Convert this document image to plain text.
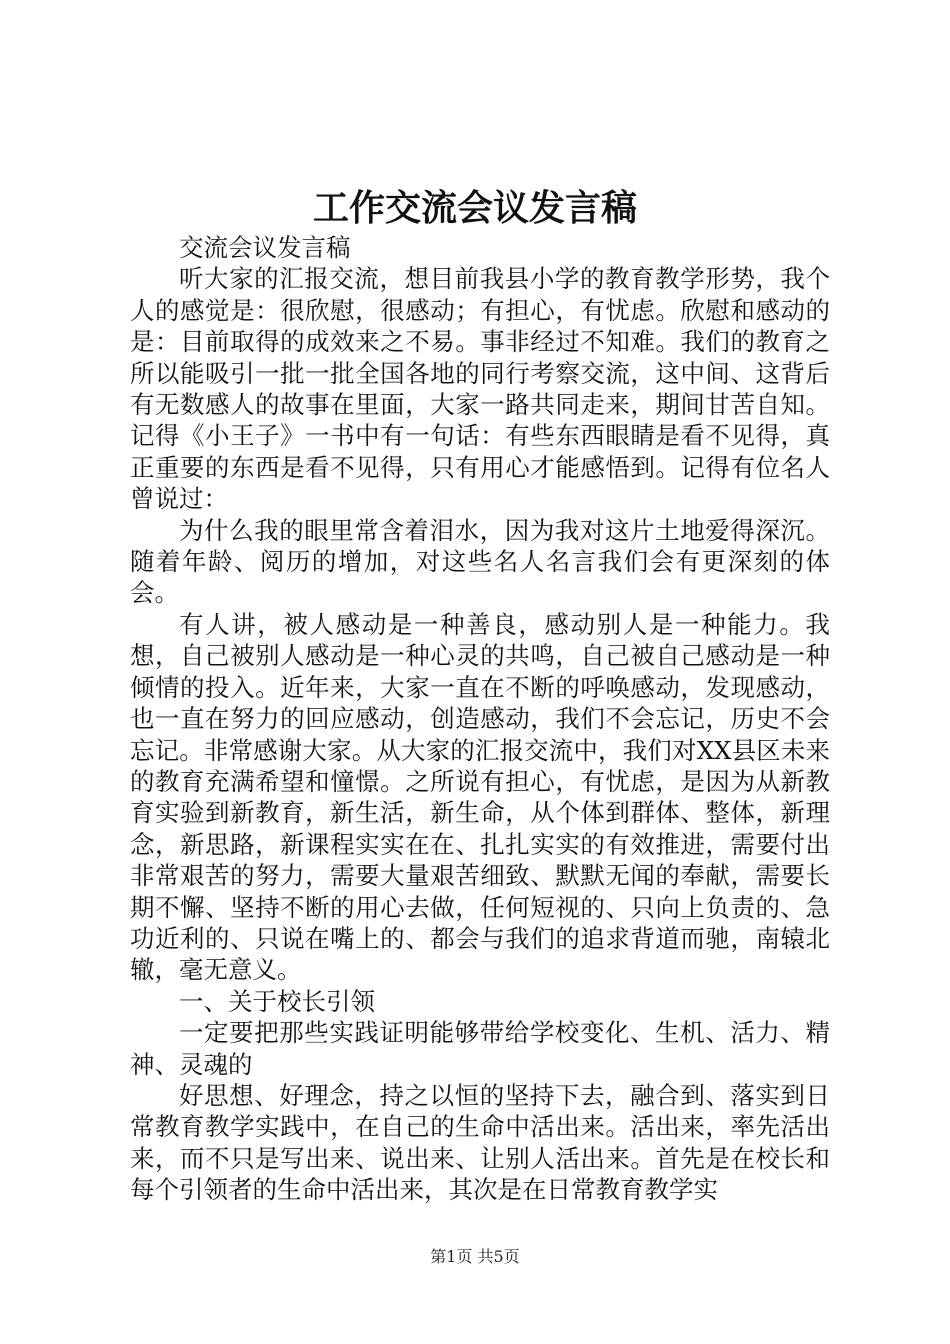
工作交流会议发言稿

交流会议发言稿

听大家的汇报交流，想目前我县小学的教育教学形势，我个人的感觉是：很欣慰，很感动；有担心，有忧虑。欣慰和感动的是：目前取得的成效来之不易。事非经过不知难。我们的教育之所以能吸引一批一批全国各地的同行考察交流，这中间、这背后有无数感人的故事在里面，大家一路共同走来，期间甘苦自知。记得《小王子》一书中有一句话：有些东西眼睛是看不见得，真正重要的东西是看不见得，只有用心才能感悟到。记得有位名人曾说过：

为什么我的眼里常含着泪水，因为我对这片土地爱得深沉。随着年龄、阅历的增加，对这些名人名言我们会有更深刻的体会。

有人讲，被人感动是一种善良，感动别人是一种能力。我想，自己被别人感动是一种心灵的共鸣，自己被自己感动是一种倾情的投入。近年来，大家一直在不断的呼唤感动，发现感动，也一直在努力的回应感动，创造感动，我们不会忘记，历史不会忘记。非常感谢大家。从大家的汇报交流中，我们对XX县区未来的教育充满希望和憧憬。之所说有担心，有忧虑，是因为从新教育实验到新教育，新生活，新生命，从个体到群体、整体，新理念，新思路，新课程实实在在、扎扎实实的有效推进，需要付出非常艰苦的努力，需要大量艰苦细致、默默无闻的奉献，需要长期不懈、坚持不断的用心去做，任何短视的、只向上负责的、急功近利的、只说在嘴上的、都会与我们的追求背道而驰，南辕北辙，毫无意义。

一、关于校长引领

一定要把那些实践证明能够带给学校变化、生机、活力、精神、灵魂的

好思想、好理念，持之以恒的坚持下去，融合到、落实到日常教育教学实践中，在自己的生命中活出来。活出来，率先活出来，而不只是写出来、说出来、让别人活出来。首先是在校长和每个引领者的生命中活出来，其次是在日常教育教学实

第1页 共5页
